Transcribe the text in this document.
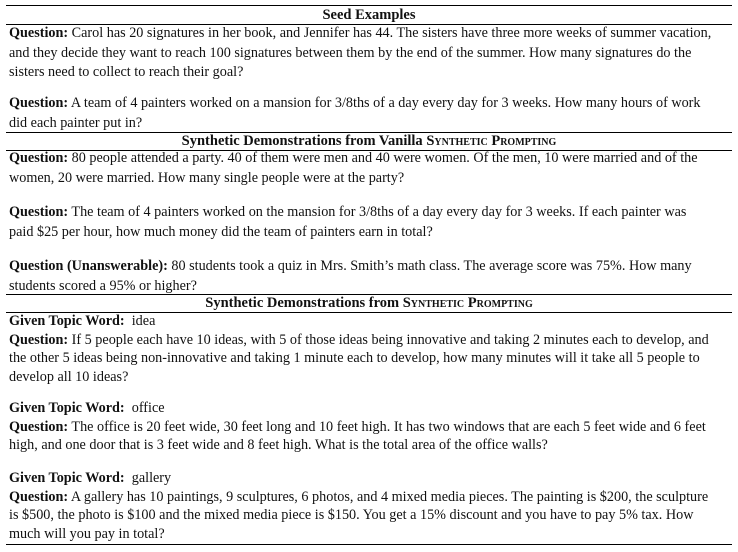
Seed Examples
Question: Carol has 20 signatures in her book, and Jennifer has 44. The sisters have three more weeks of summer vacation,
and they decide they want to reach 100 signatures between them by the end of the summer. How many signatures do the
sisters need to collect to reach their goal?
Question: A team of 4 painters worked on a mansion for 3/8ths of a day every day for 3 weeks. How many hours of work
did each painter put in?
Synthetic Demonstrations from Vanilla Synthetic Prompting
Question: 80 people attended a party. 40 of them were men and 40 were women. Of the men, 10 were married and of the
women, 20 were married. How many single people were at the party?
Question: The team of 4 painters worked on the mansion for 3/8ths of a day every day for 3 weeks. If each painter was
paid $25 per hour, how much money did the team of painters earn in total?
Question (Unanswerable): 80 students took a quiz in Mrs. Smith’s math class. The average score was 75%. How many
students scored a 95% or higher?
Synthetic Demonstrations from Synthetic Prompting
Given Topic Word:  idea
Question: If 5 people each have 10 ideas, with 5 of those ideas being innovative and taking 2 minutes each to develop, and
the other 5 ideas being non-innovative and taking 1 minute each to develop, how many minutes will it take all 5 people to
develop all 10 ideas?
Given Topic Word:  office
Question: The office is 20 feet wide, 30 feet long and 10 feet high. It has two windows that are each 5 feet wide and 6 feet
high, and one door that is 3 feet wide and 8 feet high. What is the total area of the office walls?
Given Topic Word:  gallery
Question: A gallery has 10 paintings, 9 sculptures, 6 photos, and 4 mixed media pieces. The painting is $200, the sculpture
is $500, the photo is $100 and the mixed media piece is $150. You get a 15% discount and you have to pay 5% tax. How
much will you pay in total?
